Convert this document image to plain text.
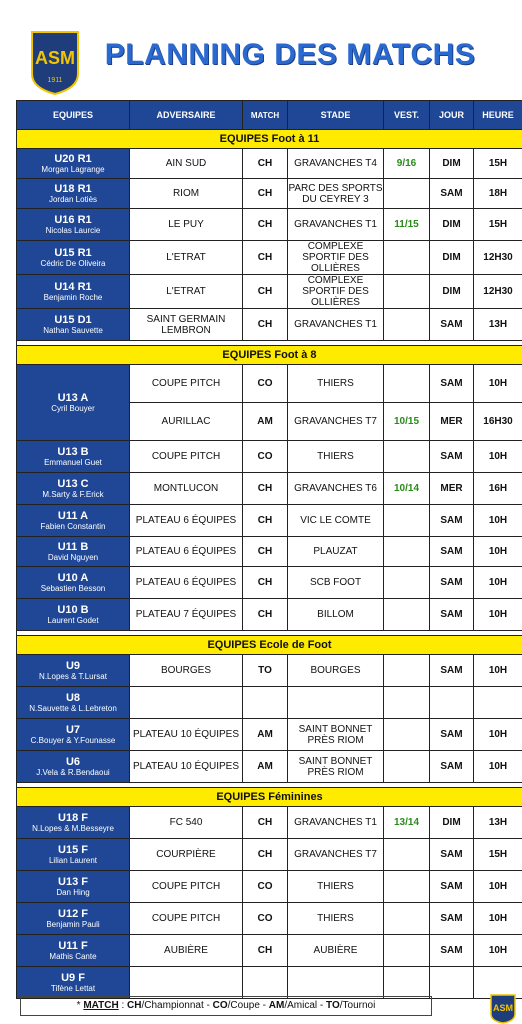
ASM
1911
PLANNING DES MATCHS
EQUIPES	ADVERSAIRE	MATCH	STADE	VEST.	JOUR	HEURE
EQUIPES Foot à 11						

U20 R1
Morgan Lagrange	AIN SUD	CH	GRAVANCHES T4	9/16	DIM	15H

U18 R1
Jordan Lotiès	RIOM	CH	PARC DES SPORTS DU CEYREY 3		SAM	18H

U16 R1
Nicolas Laurcie	LE PUY	CH	GRAVANCHES T1	11/15	DIM	15H

U15 R1
Cédric De Oliveira	L'ETRAT	CH	COMPLEXE SPORTIF DES OLLIÈRES		DIM	12H30

U14 R1
Benjamin Roche	L'ETRAT	CH	COMPLEXE SPORTIF DES OLLIÈRES		DIM	12H30

U15 D1
Nathan Sauvette	SAINT GERMAIN LEMBRON	CH	GRAVANCHES T1		SAM	13H

EQUIPES Foot à 8						

U13 A
Cyril Bouyer	COUPE PITCH	CO	THIERS		SAM	10H
	AURILLAC	AM	GRAVANCHES T7	10/15	MER	16H30

U13 B
Emmanuel Guet	COUPE PITCH	CO	THIERS		SAM	10H

U13 C
M.Sarty & F.Erick	MONTLUCON	CH	GRAVANCHES T6	10/14	MER	16H

U11 A
Fabien Constantin	PLATEAU 6 ÉQUIPES	CH	VIC LE COMTE		SAM	10H

U11 B
David Nguyen	PLATEAU 6 ÉQUIPES	CH	PLAUZAT		SAM	10H

U10 A
Sebastien Besson	PLATEAU 6 ÉQUIPES	CH	SCB FOOT		SAM	10H

U10 B
Laurent Godet	PLATEAU 7 ÉQUIPES	CH	BILLOM		SAM	10H

EQUIPES Ecole de Foot						

U9
N.Lopes & T.Lursat	BOURGES	TO	BOURGES		SAM	10H

U8
N.Sauvette & L.Lebreton						

U7
C.Bouyer & Y.Founasse	PLATEAU 10 ÉQUIPES	AM	SAINT BONNET PRÈS RIOM		SAM	10H

U6
J.Vela & R.Bendaoui	PLATEAU 10 ÉQUIPES	AM	SAINT BONNET PRÈS RIOM		SAM	10H

EQUIPES Féminines						

U18 F
N.Lopes & M.Besseyre	FC 540	CH	GRAVANCHES T1	13/14	DIM	13H

U15 F
Lilian Laurent	COURPIÈRE	CH	GRAVANCHES T7		SAM	15H

U13 F
Dan Hing	COUPE PITCH	CO	THIERS		SAM	10H

U12 F
Benjamin Pauli	COUPE PITCH	CO	THIERS		SAM	10H

U11 F
Mathis Cante	AUBIÈRE	CH	AUBIÈRE		SAM	10H

U9 F
Tifène Lettat						

* MATCH : CH/Championnat - CO/Coupe - AM/Amical - TO/Tournoi	ASM
